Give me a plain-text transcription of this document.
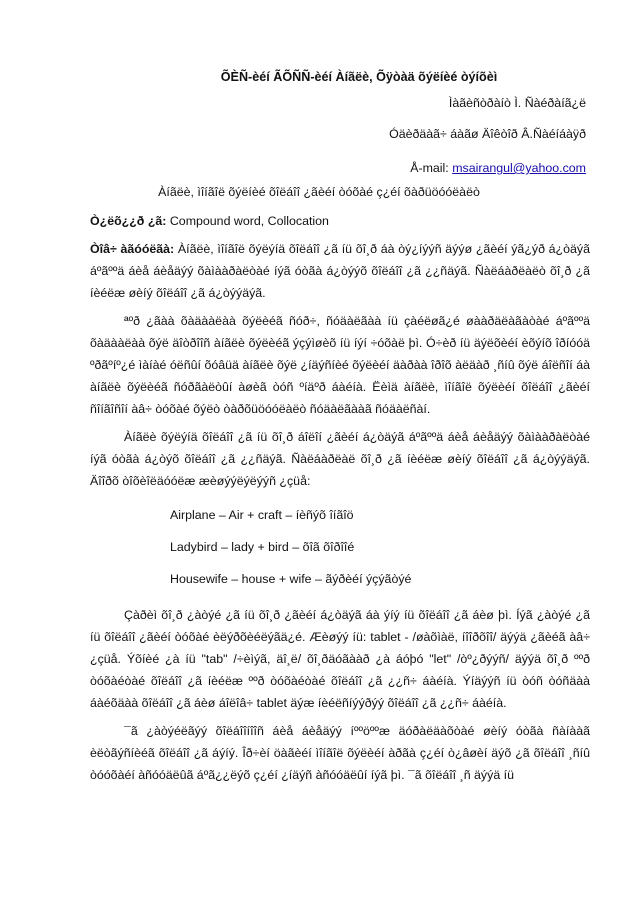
ÕÈÑ-èéí ÃÕÑÑ-èéí Àíãëè, Õÿòàä õýëíèé òýíõèì
Ìàãèñòðàíò Ì. Ñàéðàíã¿ë
Óäèðäàã÷ áàãø Äîêòîð Â.Ñàéíáàÿð
Å-mail: msairangul@yahoo.com
Àíãëè, ìîíãîë õýëíèé õîëáîî ¿ãèéí òóõàé ç¿éí õàðüöóóëàëò

Ò¿ëõ¿¿ð ¿ã: Compound word, Collocation

Òîâ÷ àãóóëãà: Àíãëè, ìîíãîë õýëýíä õîëáîî ¿ã íü õî¸ð áà òý¿íýýñ äýýø ¿ãèéí ýã¿ýð á¿òäýã áºãººä áèå áèåäýý õàìààðàëòàé íýã óòãà á¿òýýõ õîëáîî ¿ã ¿¿ñäýã. Ñàëáàðëàëò õî¸ð ¿ã íèéëæ øèíý õîëáîî ¿ã á¿òýýäýã.

ªºð ¿ãàà õàäààëàà õýëèéã ñóð÷, ñóäàëãàà íü çàéëøã¿é øààðäëàãàòàé áºãººä õàäààëàà õýë äîòðîîñ àíãëè õýëèéã ýçýìøèõ íü íýí ÷óõàë þì. Ó÷èð íü äýëõèéí èõýíõ îðíóóä ºðãºíº¿é ìàíàé óëñûí õóâüä àíãëè õýë ¿íäýñíèé õýëèéí äàðàà îðîõ àëäàð ¸ñíû õýë áîëñîí áà àíãëè õýëèéã ñóðãàëòûí àøèã òóñ ºíäºð áàéíà. Ëèìä àíãëè, ìîíãîë õýëèéí õîëáîî ¿ãèéí ñîíãîñîí àâ÷ òóõàé õýëò òàðõüöóóëàëò ñóäàëãààã ñóäàëñàí.

Àíãëè õýëýíä õîëáîî ¿ã íü õî¸ð áîëîí ¿ãèéí á¿òäýã áºãººä áèå áèåäýý õàìààðàëòàé íýã óòãà á¿òýõ õîëáîî ¿ã ¿¿ñäýã. Ñàëáàðëàë õî¸ð ¿ã íèéëæ øèíý õîëáîî ¿ã á¿òýýäýã. Äîîðõ òîõèîëäóóëæ æèøýýëýëýýñ ¿çüå:

Airplane – Air + craft – íèñýõ îíãîö
Ladybird – lady + bird – õîã õîðîîé
Housewife – house + wife – ãýðèéí ýçýãòýé

Çàðèì õî¸ð ¿àòýé ¿ã íü õî¸ð ¿ãèéí á¿òäýã áà ýíý íü õîëáîî ¿ã áèø þì. Íýã ¿àòýé ¿ã íü õîëáîî ¿ãèéí òóõàé èëýðõèéëýãä¿é. Æèøýý íü: tablet - /øàõìàë, íîîðõîî/ äýýä ¿ãèéã àâ÷ ¿çüå. Ýõíèé ¿à íü "tab" /÷èìýã, äî¸ë/ õî¸ðäóãààð ¿à áóþó "let" /òº¿ðýýñ/ äýýä õî¸ð ººð òóõàéòàé õîëáîî ¿ã íèéëæ ººð òóõàéòàé õîëáîî ¿ã ¿¿ñ÷ áàéíà. Ýíäýýñ íü òóñ òóñäàà áàéõäàà õîëáîî ¿ã áèø áîëîâ÷ tablet äýæ íèéëñíýýðýý õîëáîî ¿ã ¿¿ñ÷ áàéíà.

¯ã ¿àòýéëãýý õîëáîîíîîñ áèå áèåäýý íººöººæ äóðàëäàõòàé øèíý óòãà ñàíààã èëòãýñíèéã õîëáîî ¿ã áýíý. Îð÷èí öàãèéí ìîíãîë õýëèéí àðãà ç¿éí ò¿âøèí äýõ ¿ã õîëáîî ¸ñíû òóóõàéí àñóóäëûã áºã¿¿ëýõ ç¿éí ¿íäýñ àñóóäëûí íýã þì. ¯ã õîëáîî ¸ñ äýýä íü
